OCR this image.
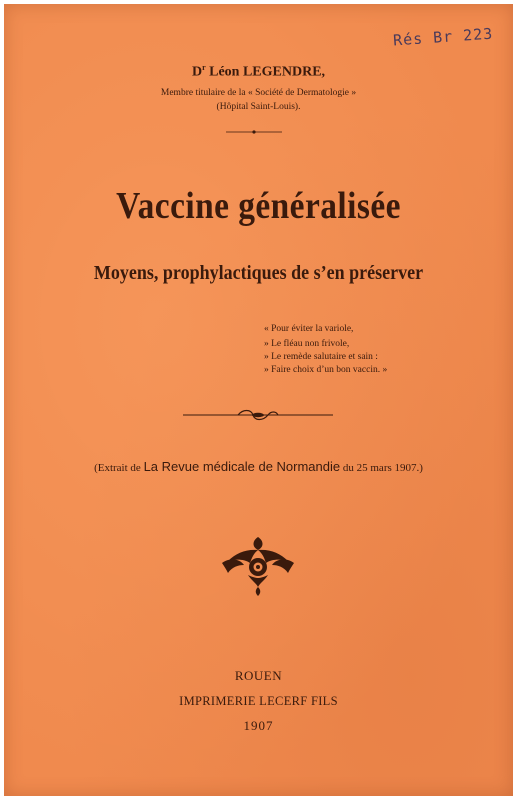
Rés Br 223
$D^r$ Léon LEGENDRE,
Membre titulaire de la « Société de Dermatologie »
(Hôpital Saint-Louis).
Vaccine généralisée
Moyens, prophylactiques de s’en préserver
« Pour éviter la variole,
» Le fléau non frivole,
» Le remède salutaire et sain :
» Faire choix d’un bon vaccin. »
(Extrait de La Revue médicale de Normandie du 25 mars 1907.)
ROUEN
IMPRIMERIE LECERF FILS
1907
